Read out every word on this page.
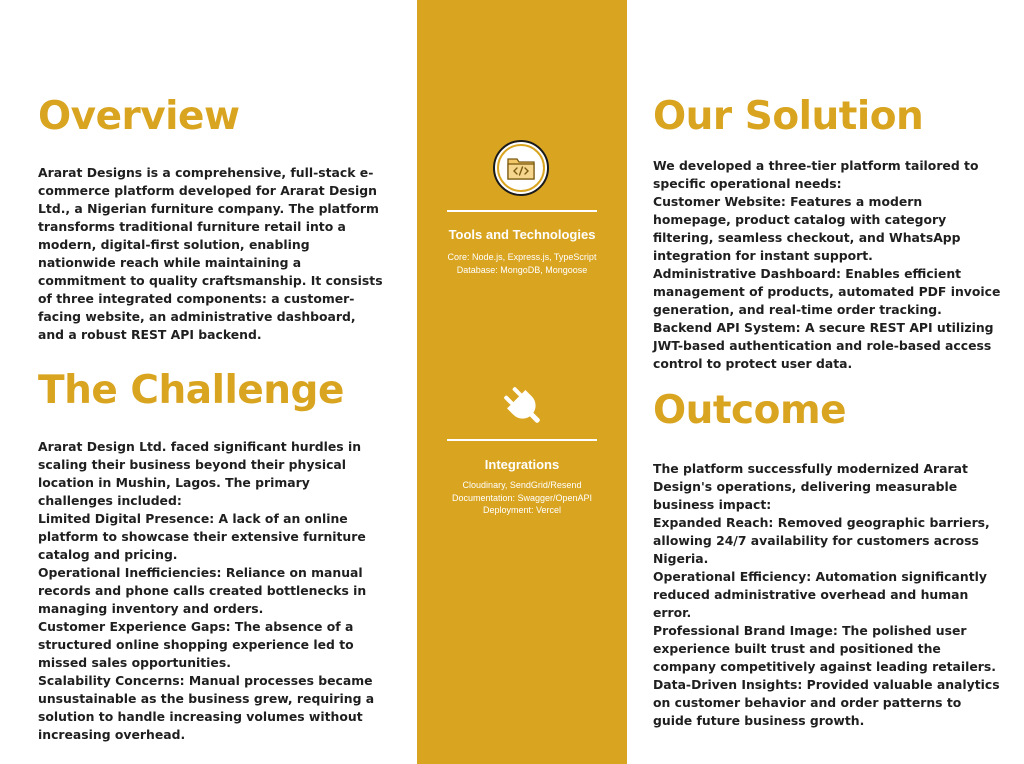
Overview

Ararat Designs is a comprehensive, full-stack e-commerce platform developed for Ararat Design Ltd., a Nigerian furniture company. The platform transforms traditional furniture retail into a modern, digital-first solution, enabling nationwide reach while maintaining a commitment to quality craftsmanship. It consists of three integrated components: a customer-facing website, an administrative dashboard, and a robust REST API backend.

The Challenge

Ararat Design Ltd. faced significant hurdles in scaling their business beyond their physical location in Mushin, Lagos. The primary challenges included:

Limited Digital Presence: A lack of an online platform to showcase their extensive furniture catalog and pricing.

Operational Inefficiencies: Reliance on manual records and phone calls created bottlenecks in managing inventory and orders.

Customer Experience Gaps: The absence of a structured online shopping experience led to missed sales opportunities.

Scalability Concerns: Manual processes became unsustainable as the business grew, requiring a solution to handle increasing volumes without increasing overhead.

Tools and Technologies
Core: Node.js, Express.js, TypeScript
Database: MongoDB, Mongoose
Integrations
Cloudinary, SendGrid/Resend
Documentation: Swagger/OpenAPI
Deployment: Vercel
Our Solution

We developed a three-tier platform tailored to specific operational needs:

Customer Website: Features a modern homepage, product catalog with category filtering, seamless checkout, and WhatsApp integration for instant support.

Administrative Dashboard: Enables efficient management of products, automated PDF invoice generation, and real-time order tracking.

Backend API System: A secure REST API utilizing JWT-based authentication and role-based access control to protect user data.

Outcome

The platform successfully modernized Ararat Design's operations, delivering measurable business impact:

Expanded Reach: Removed geographic barriers, allowing 24/7 availability for customers across Nigeria.

Operational Efficiency: Automation significantly reduced administrative overhead and human error.

Professional Brand Image: The polished user experience built trust and positioned the company competitively against leading retailers.

Data-Driven Insights: Provided valuable analytics on customer behavior and order patterns to guide future business growth.
